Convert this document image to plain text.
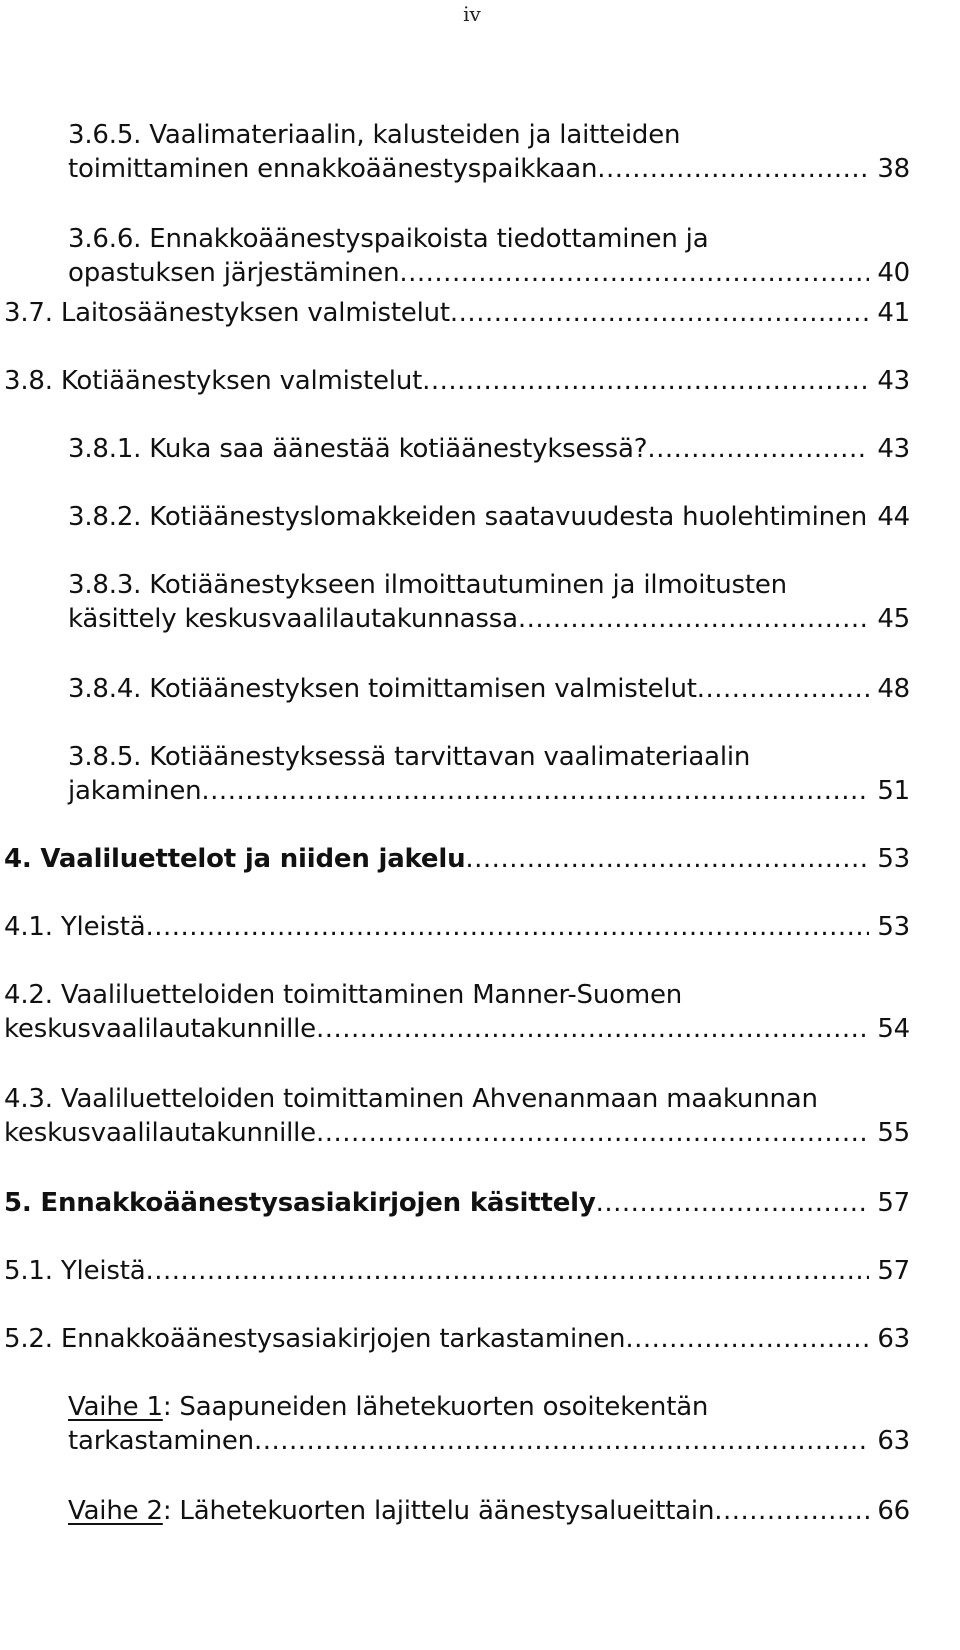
iv
3.6.5. Vaalimateriaalin, kalusteiden ja laitteiden
toimittaminen ennakkoäänestyspaikkaan .....	38
3.6.6. Ennakkoäänestyspaikoista tiedottaminen ja
opastuksen järjestäminen .....	40
3.7. Laitosäänestyksen valmistelut .....	41
3.8. Kotiäänestyksen valmistelut .....	43
3.8.1. Kuka saa äänestää kotiäänestyksessä? .....	43
3.8.2. Kotiäänestyslomakkeiden saatavuudesta huolehtiminen ..... 44
3.8.3. Kotiäänestykseen ilmoittautuminen ja ilmoitusten
käsittely keskusvaalilautakunnassa .....	45
3.8.4. Kotiäänestyksen toimittamisen valmistelut .....	48
3.8.5. Kotiäänestyksessä tarvittavan vaalimateriaalin
jakaminen .....	51
4. Vaaliluettelot ja niiden jakelu .....	53
4.1. Yleistä .....	53
4.2. Vaaliluetteloiden toimittaminen Manner-Suomen
keskusvaalilautakunnille .....	54
4.3. Vaaliluetteloiden toimittaminen Ahvenanmaan maakunnan
keskusvaalilautakunnille .....	55
5. Ennakkoäänestysasiakirjojen käsittely .....	57
5.1. Yleistä .....	57
5.2. Ennakkoäänestysasiakirjojen tarkastaminen .....	63
Vaihe 1: Saapuneiden lähetekuorten osoitekentän
tarkastaminen .....	63
Vaihe 2: Lähetekuorten lajittelu äänestysalueittain .....	66
